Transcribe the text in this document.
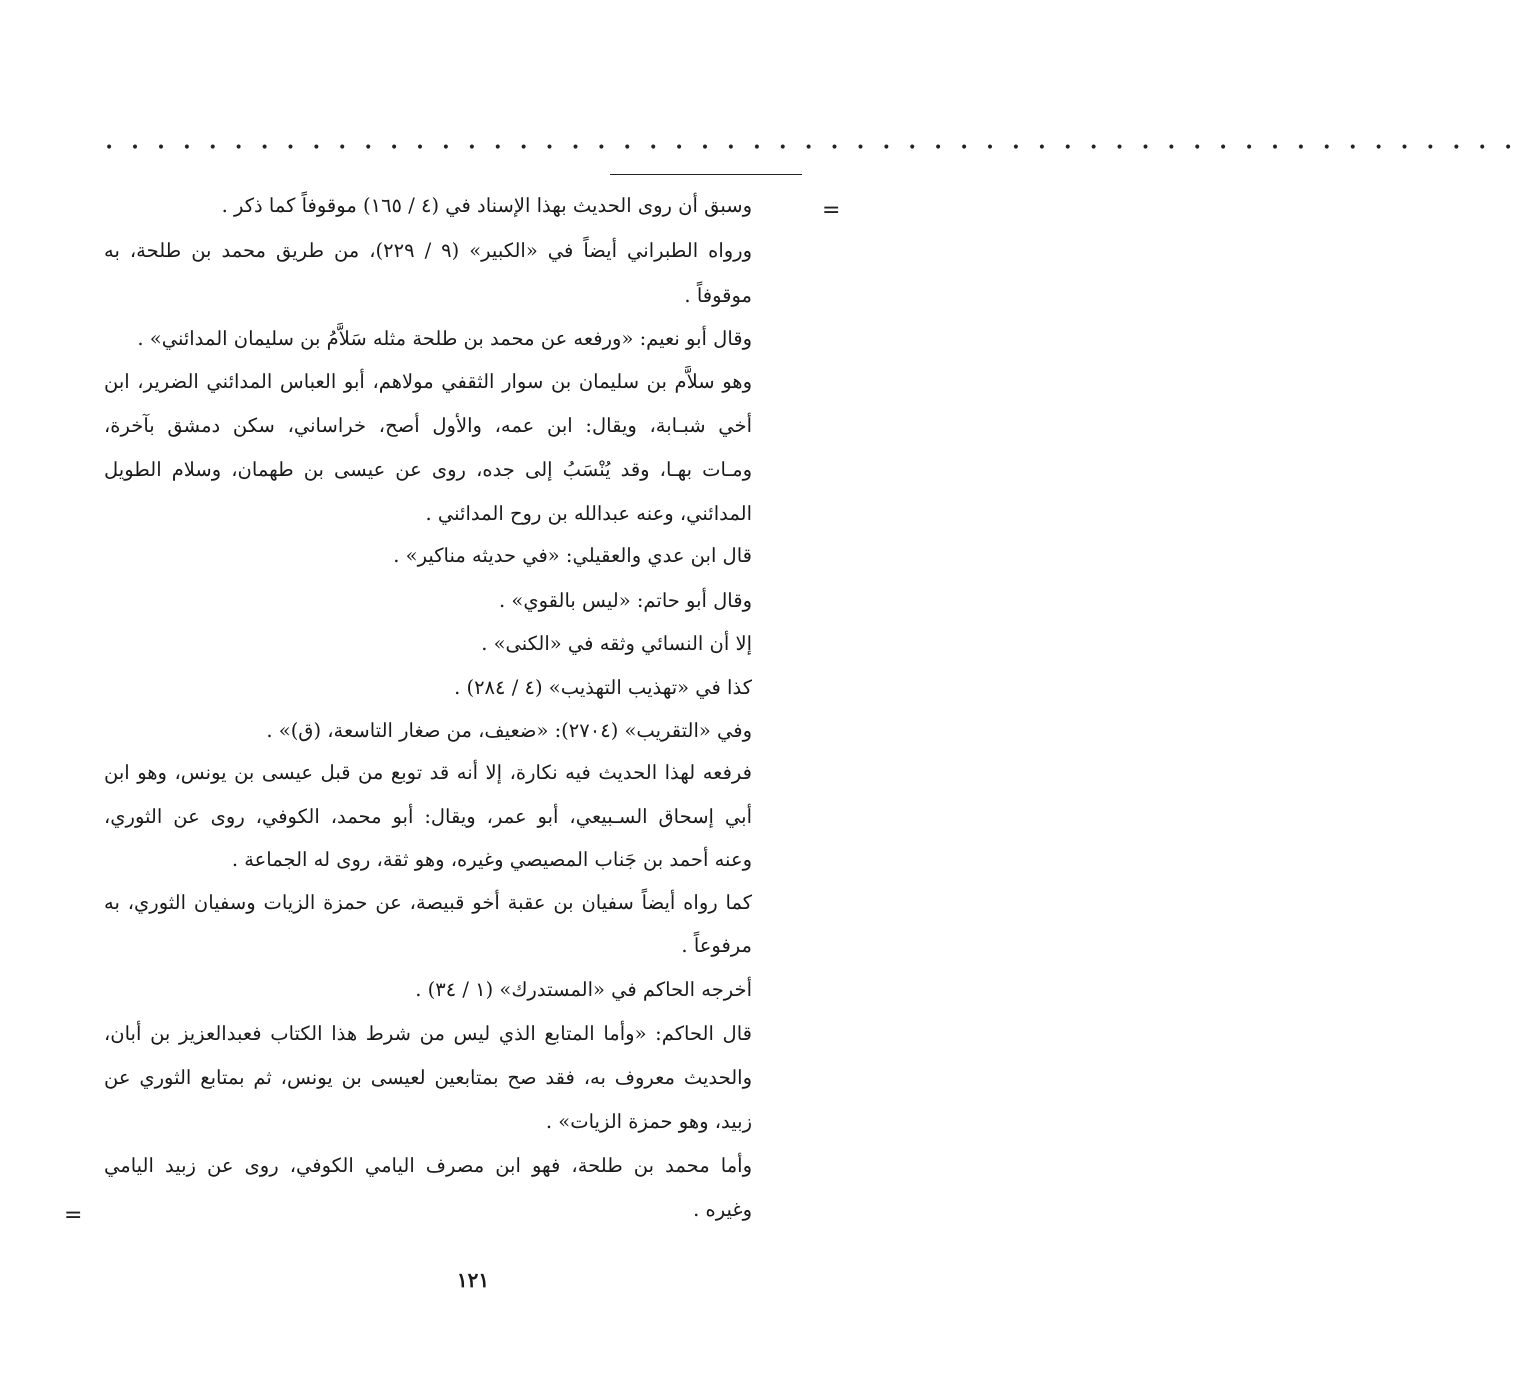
• • • • • • • • • • • • • • • • • • • • • • • • • • • • • • • • • • • • • • • • • • • • • • • • • • • • • • •
=
وسبق أن روى الحديث بهذا الإسناد في (٤ / ١٦٥) موقوفاً كما ذكر .
ورواه الطبراني أيضاً في «الكبير» (٩ / ٢٢٩)، من طريق محمد بن طلحة، به
موقوفاً .
وقال أبو نعيم: «ورفعه عن محمد بن طلحة مثله سَلاَّمُ بن سليمان المدائني» .
وهو سلاَّم بن سليمان بن سوار الثقفي مولاهم، أبو العباس المدائني الضرير، ابن
أخي شبـابة، ويقال: ابن عمه، والأول أصح، خراساني، سكن دمشق بآخرة،
ومـات بهـا، وقد يُنْسَبُ إلى جده، روى عن عيسى بن طهمان، وسلام الطويل
المدائني، وعنه عبدالله بن روح المدائني .
قال ابن عدي والعقيلي: «في حديثه مناكير» .
وقال أبو حاتم: «ليس بالقوي» .
إلا أن النسائي وثقه في «الكنى» .
كذا في «تهذيب التهذيب» (٤ / ٢٨٤) .
وفي «التقريب» (٢٧٠٤): «ضعيف، من صغار التاسعة، (ق)» .
فرفعه لهذا الحديث فيه نكارة، إلا أنه قد توبع من قبل عيسى بن يونس، وهو ابن
أبي إسحاق السـبيعي، أبو عمر، ويقال: أبو محمد، الكوفي، روى عن الثوري،
وعنه أحمد بن جَناب المصيصي وغيره، وهو ثقة، روى له الجماعة .
كما رواه أيضاً سفيان بن عقبة أخو قبيصة، عن حمزة الزيات وسفيان الثوري، به
مرفوعاً .
أخرجه الحاكم في «المستدرك» (١ / ٣٤) .
قال الحاكم: «وأما المتابع الذي ليس من شرط هذا الكتاب فعبدالعزيز بن أبان،
والحديث معروف به، فقد صح بمتابعين لعيسى بن يونس، ثم بمتابع الثوري عن
زبيد، وهو حمزة الزيات» .
وأما محمد بن طلحة، فهو ابن مصرف اليامي الكوفي، روى عن زبيد اليامي
وغيره .
=
١٢١
